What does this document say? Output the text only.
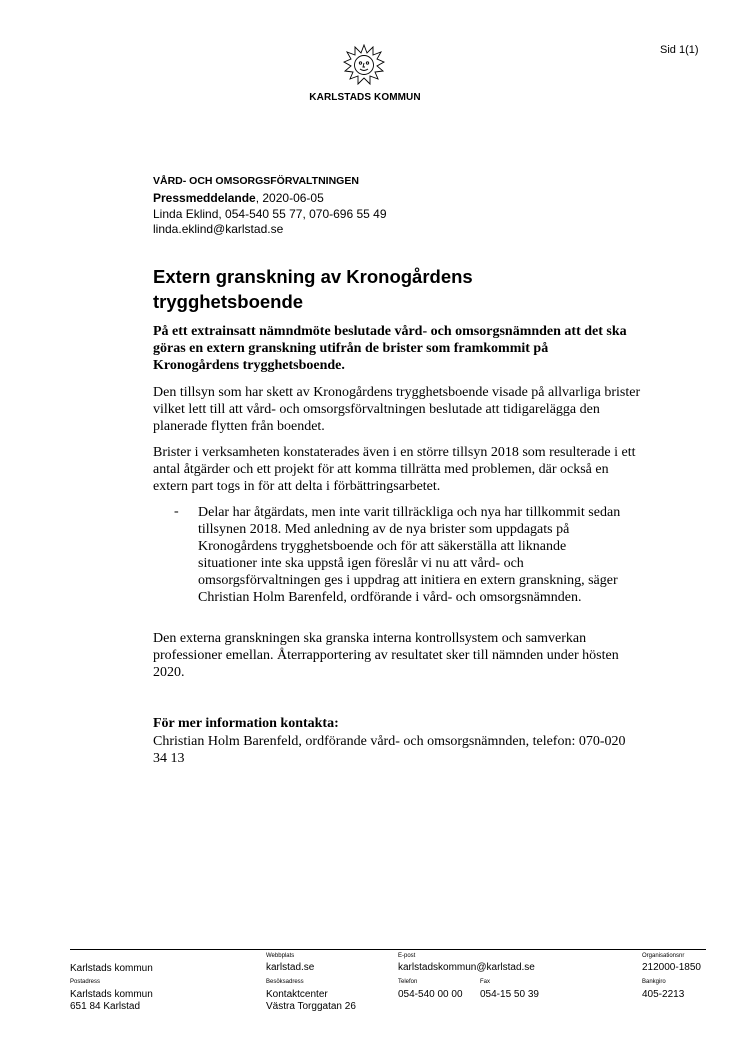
Sid 1(1)
KARLSTADS KOMMUN
VÅRD- OCH OMSORGSFÖRVALTNINGEN
Pressmeddelande, 2020-06-05
Linda Eklind, 054-540 55 77, 070-696 55 49
linda.eklind@karlstad.se
Extern granskning av Kronogårdens trygghetsboende
På ett extrainsatt nämndmöte beslutade vård- och omsorgsnämnden att det ska göras en extern granskning utifrån de brister som framkommit på Kronogårdens trygghetsboende.
Den tillsyn som har skett av Kronogårdens trygghetsboende visade på allvarliga brister vilket lett till att vård- och omsorgsförvaltningen beslutade att tidigarelägga den planerade flytten från boendet.
Brister i verksamheten konstaterades även i en större tillsyn 2018 som resulterade i ett antal åtgärder och ett projekt för att komma tillrätta med problemen, där också en extern part togs in för att delta i förbättringsarbetet.
- Delar har åtgärdats, men inte varit tillräckliga och nya har tillkommit sedan tillsynen 2018. Med anledning av de nya brister som uppdagats på Kronogårdens trygghetsboende och för att säkerställa att liknande situationer inte ska uppstå igen föreslår vi nu att vård- och omsorgsförvaltningen ges i uppdrag att initiera en extern granskning, säger Christian Holm Barenfeld, ordförande i vård- och omsorgsnämnden.
Den externa granskningen ska granska interna kontrollsystem och samverkan professioner emellan. Återrapportering av resultatet sker till nämnden under hösten 2020.
För mer information kontakta:
Christian Holm Barenfeld, ordförande vård- och omsorgsnämnden, telefon: 070-020 34 13
Karlstads kommun
Webbplats
karlstad.se
E-post
karlstadskommun@karlstad.se
Organisationsnr
212000-1850
Postadress
Karlstads kommun
651 84 Karlstad
Besöksadress
Kontaktcenter
Västra Torggatan 26
Telefon
054-540 00 00
Fax
054-15 50 39
Bankgiro
405-2213
